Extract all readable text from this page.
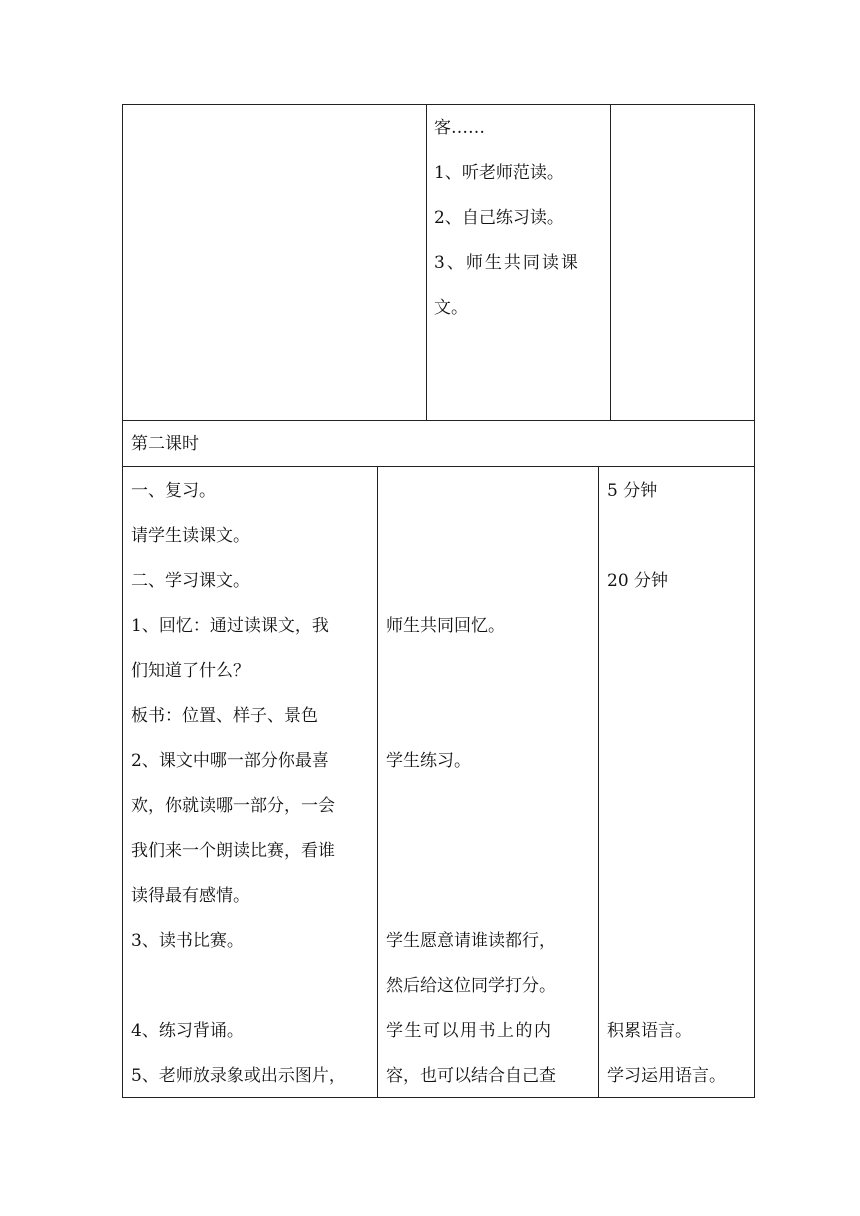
客……
1、听老师范读。
2、自己练习读。
3、师生共同读课
文。
第二课时
一、复习。
请学生读课文。
二、学习课文。
1、回忆：通过读课文，我
们知道了什么？
板书：位置、样子、景色
2、课文中哪一部分你最喜
欢，你就读哪一部分，一会
我们来一个朗读比赛，看谁
读得最有感情。
3、读书比赛。
4、练习背诵。
5、老师放录象或出示图片，
师生共同回忆。
学生练习。
学生愿意请谁读都行，
然后给这位同学打分。
学生可以用书上的内
容，也可以结合自己查
5 分钟
20 分钟
积累语言。
学习运用语言。
